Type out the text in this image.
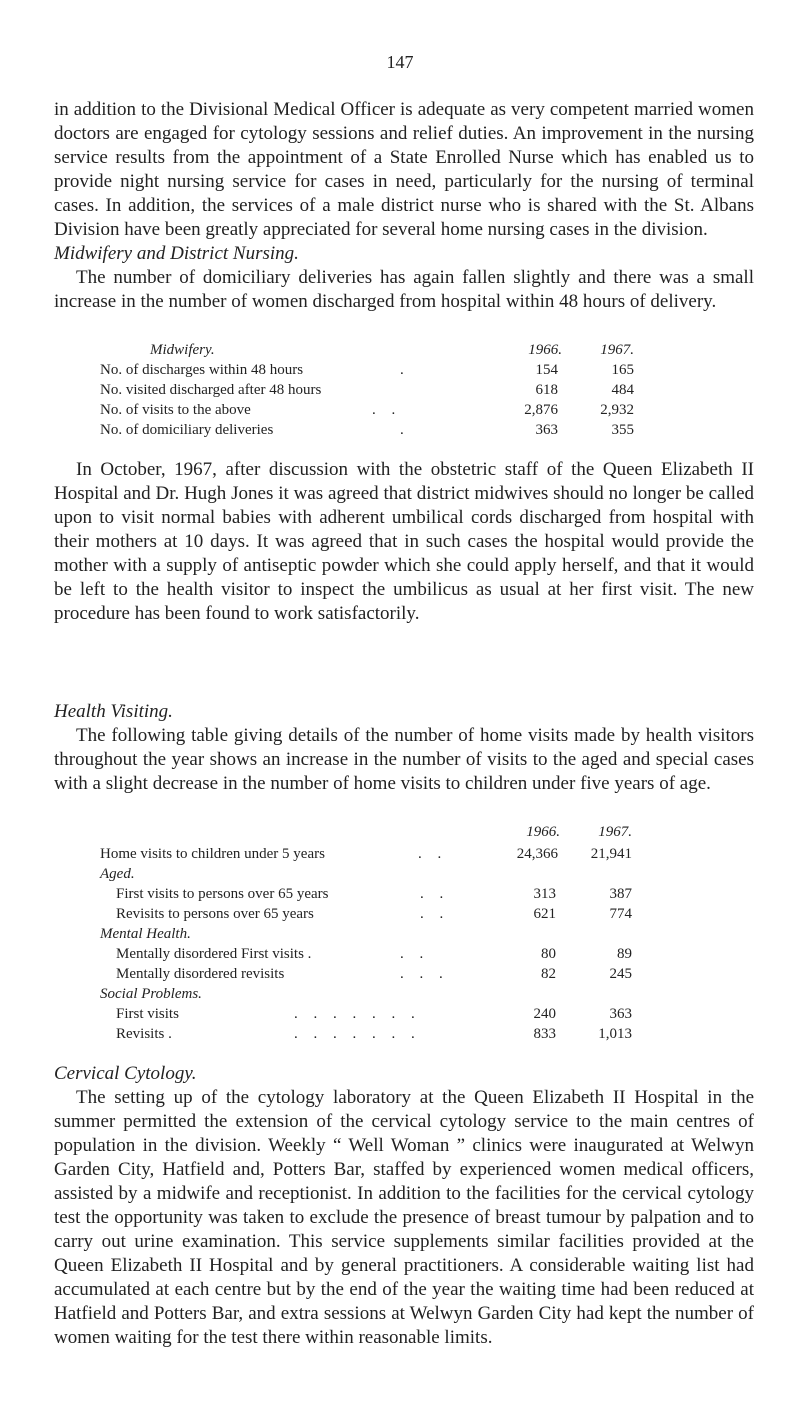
147

in addition to the Divisional Medical Officer is adequate as very competent married women doctors are engaged for cytology sessions and relief duties. An improvement in the nursing service results from the appointment of a State Enrolled Nurse which has enabled us to provide night nursing service for cases in need, particularly for the nursing of terminal cases. In addition, the services of a male district nurse who is shared with the St. Albans Division have been greatly appreciated for several home nursing cases in the division.

Midwifery and District Nursing.

The number of domiciliary deliveries has again fallen slightly and there was a small increase in the number of women discharged from hospital within 48 hours of delivery.

Midwifery.	1966.	1967.
No. of discharges within 48 hours	.	154	165
No. visited discharged after 48 hours	618	484
No. of visits to the above	. .	2,876	2,932
No. of domiciliary deliveries	.	363	355

In October, 1967, after discussion with the obstetric staff of the Queen Elizabeth II Hospital and Dr. Hugh Jones it was agreed that district midwives should no longer be called upon to visit normal babies with adherent umbilical cords discharged from hospital with their mothers at 10 days. It was agreed that in such cases the hospital would provide the mother with a supply of antiseptic powder which she could apply herself, and that it would be left to the health visitor to inspect the umbilicus as usual at her first visit. The new procedure has been found to work satisfactorily.

Health Visiting.

The following table giving details of the number of home visits made by health visitors throughout the year shows an increase in the number of visits to the aged and special cases with a slight decrease in the number of home visits to children under five years of age.

1966.	1967.
Home visits to children under 5 years	. .	24,366	21,941
Aged.
First visits to persons over 65 years	. .	313	387
Revisits to persons over 65 years	. .	621	774
Mental Health.
Mentally disordered First visits .	. .	80	89
Mentally disordered revisits	. . .	82	245
Social Problems.
First visits	. . . . . . .	240	363
Revisits .	. . . . . . .	833	1,013

Cervical Cytology.

The setting up of the cytology laboratory at the Queen Elizabeth II Hospital in the summer permitted the extension of the cervical cytology service to the main centres of population in the division. Weekly “ Well Woman ” clinics were inaugurated at Welwyn Garden City, Hatfield and, Potters Bar, staffed by experienced women medical officers, assisted by a midwife and receptionist. In addition to the facilities for the cervical cytology test the opportunity was taken to exclude the presence of breast tumour by palpation and to carry out urine examination. This service supplements similar facilities provided at the Queen Elizabeth II Hospital and by general practitioners. A considerable waiting list had accumulated at each centre but by the end of the year the waiting time had been reduced at Hatfield and Potters Bar, and extra sessions at Welwyn Garden City had kept the number of women waiting for the test there within reasonable limits.
